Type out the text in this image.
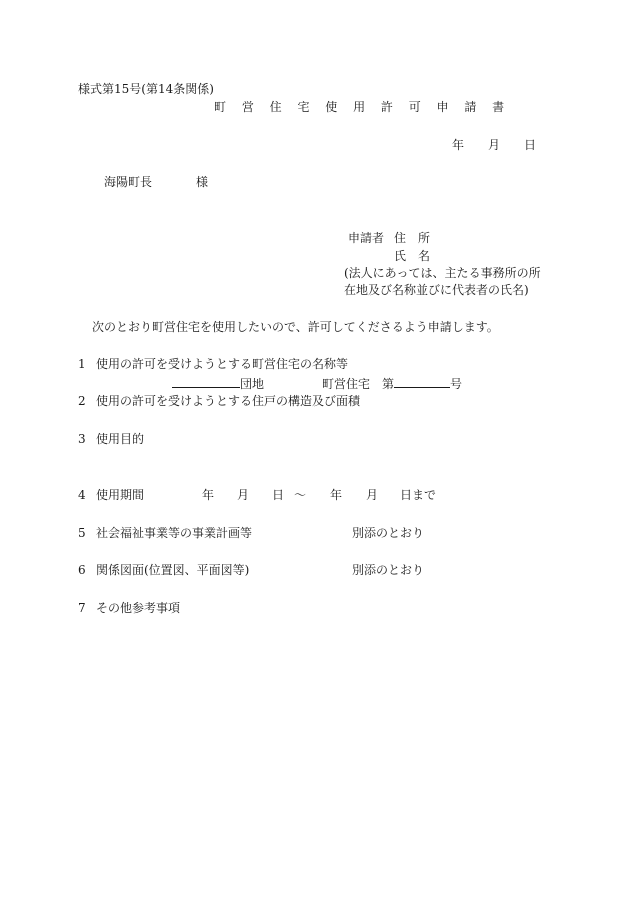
様式第15号(第14条関係)
町 営 住 宅 使 用 許 可 申 請 書
年 月 日
海陽町長	様
申請者 住　所
氏　名
(法人にあっては、主たる事務所の所
在地及び名称並びに代表者の氏名)
次のとおり町営住宅を使用したいので、許可してくださるよう申請します。
1 使用の許可を受けようとする町営住宅の名称等
団地	町営住宅 第	号
2 使用の許可を受けようとする住戸の構造及び面積
3 使用目的
4 使用期間	年 月 日 ～ 年 月 日まで
5 社会福祉事業等の事業計画等	別添のとおり
6 関係図面(位置図、平面図等)	別添のとおり
7 その他参考事項
